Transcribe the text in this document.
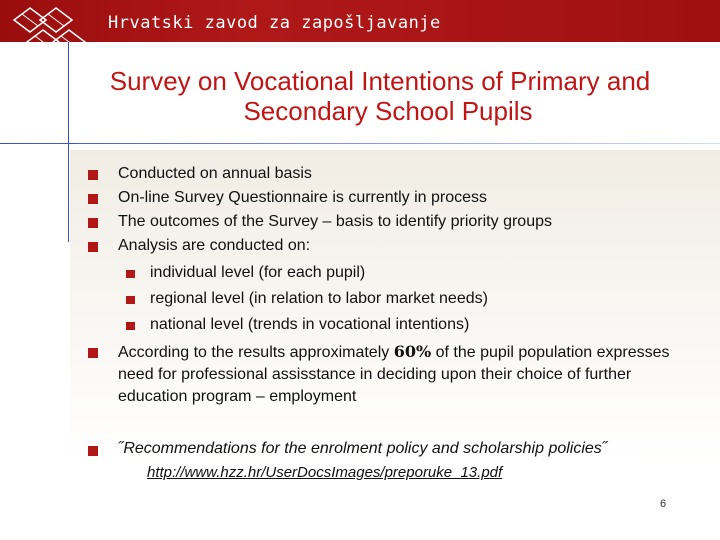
Hrvatski zavod za zapošljavanje
Survey on Vocational Intentions of Primary and
Secondary School Pupils
Conducted on annual basis
On-line Survey Questionnaire is currently in process
The outcomes of the Survey – basis to identify priority groups
Analysis are conducted on:
individual level (for each pupil)
regional level (in relation to labor market needs)
national level (trends in vocational intentions)
According to the results approximately 60% of the pupil population expresses need for professional assisstance in deciding upon their choice of further education program – employment
˝Recommendations for the enrolment policy and scholarship policies˝
http://www.hzz.hr/UserDocsImages/preporuke_13.pdf
6
